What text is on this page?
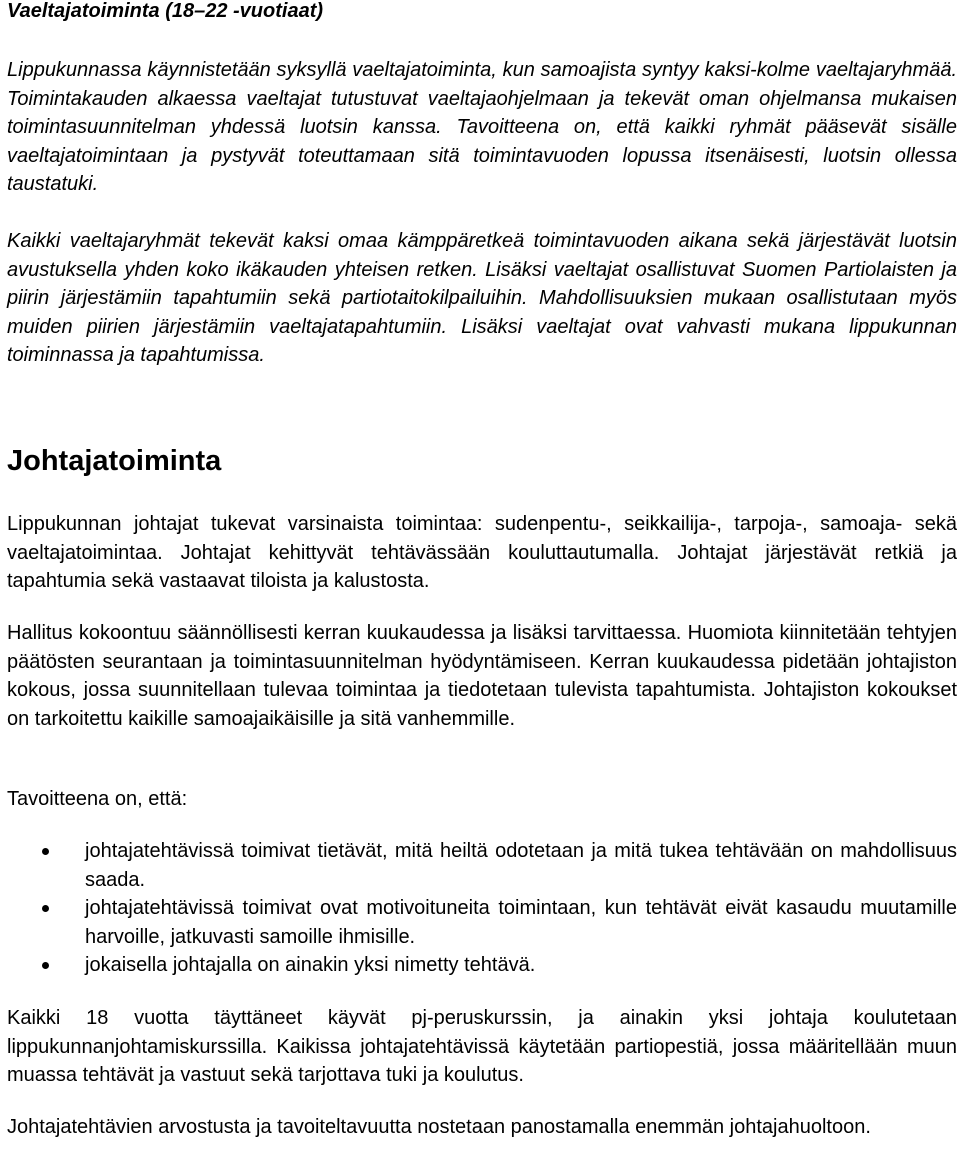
Vaeltajatoiminta (18–22 -vuotiaat)

Lippukunnassa käynnistetään syksyllä vaeltajatoiminta, kun samoajista syntyy kaksi-kolme vaeltajaryhmää. Toimintakauden alkaessa vaeltajat tutustuvat vaeltajaohjelmaan ja tekevät oman ohjelmansa mukaisen toimintasuunnitelman yhdessä luotsin kanssa. Tavoitteena on, että kaikki ryhmät pääsevät sisälle vaeltajatoimintaan ja pystyvät toteuttamaan sitä toimintavuoden lopussa itsenäisesti, luotsin ollessa taustatuki.

Kaikki vaeltajaryhmät tekevät kaksi omaa kämppäretkeä toimintavuoden aikana sekä järjestävät luotsin avustuksella yhden koko ikäkauden yhteisen retken. Lisäksi vaeltajat osallistuvat Suomen Partiolaisten ja piirin järjestämiin tapahtumiin sekä partiotaitokilpailuihin. Mahdollisuuksien mukaan osallistutaan myös muiden piirien järjestämiin vaeltajatapahtumiin. Lisäksi vaeltajat ovat vahvasti mukana lippukunnan toiminnassa ja tapahtumissa.

Johtajatoiminta

Lippukunnan johtajat tukevat varsinaista toimintaa: sudenpentu-, seikkailija-, tarpoja-, samoaja- sekä vaeltajatoimintaa. Johtajat kehittyvät tehtävässään kouluttautumalla. Johtajat järjestävät retkiä ja tapahtumia sekä vastaavat tiloista ja kalustosta.

Hallitus kokoontuu säännöllisesti kerran kuukaudessa ja lisäksi tarvittaessa. Huomiota kiinnitetään tehtyjen päätösten seurantaan ja toimintasuunnitelman hyödyntämiseen. Kerran kuukaudessa pidetään johtajiston kokous, jossa suunnitellaan tulevaa toimintaa ja tiedotetaan tulevista tapahtumista. Johtajiston kokoukset on tarkoitettu kaikille samoajaikäisille ja sitä vanhemmille.

Tavoitteena on, että:

johtajatehtävissä toimivat tietävät, mitä heiltä odotetaan ja mitä tukea tehtävään on mahdollisuus saada.
johtajatehtävissä toimivat ovat motivoituneita toimintaan, kun tehtävät eivät kasaudu muutamille harvoille, jatkuvasti samoille ihmisille.
jokaisella johtajalla on ainakin yksi nimetty tehtävä.

Kaikki 18 vuotta täyttäneet käyvät pj-peruskurssin, ja ainakin yksi johtaja koulutetaan lippukunnanjohtamiskurssilla. Kaikissa johtajatehtävissä käytetään partiopestiä, jossa määritellään muun muassa tehtävät ja vastuut sekä tarjottava tuki ja koulutus.

Johtajatehtävien arvostusta ja tavoiteltavuutta nostetaan panostamalla enemmän johtajahuoltoon.
